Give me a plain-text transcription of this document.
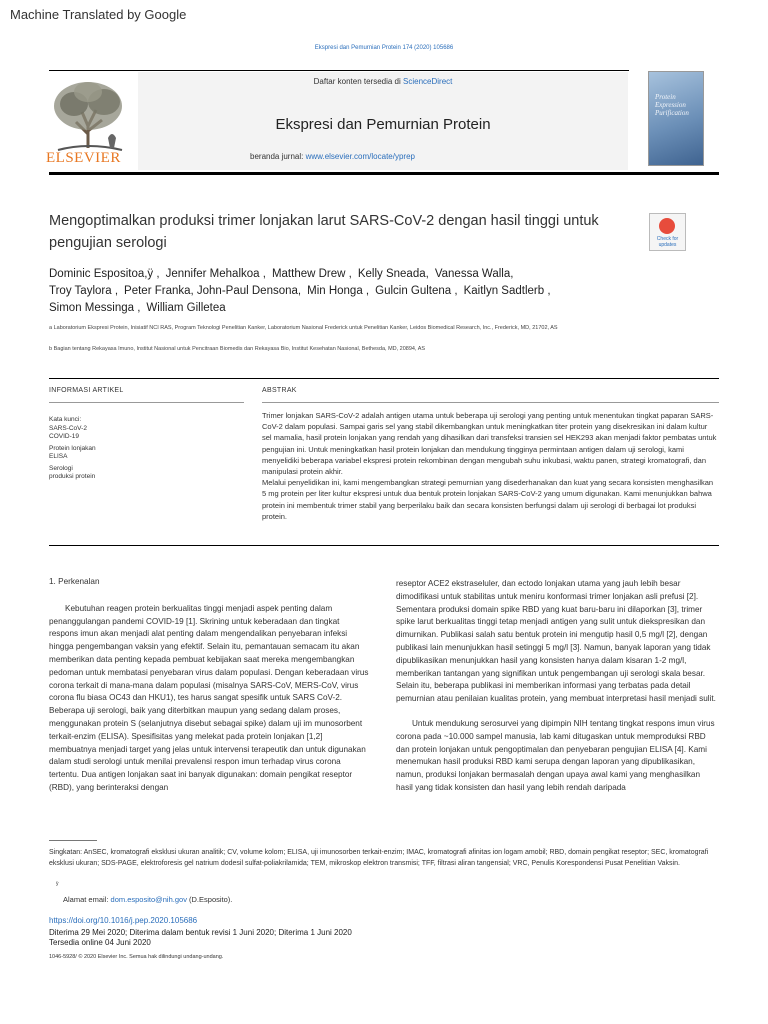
Machine Translated by Google
Ekspresi dan Pemurnian Protein 174 (2020) 105686
ELSEVIER
Daftar konten tersedia di ScienceDirect
Ekspresi dan Pemurnian Protein
beranda jurnal: www.elsevier.com/locate/yprep
Protein Expression Purification
Mengoptimalkan produksi trimer lonjakan larut SARS-CoV-2 dengan hasil tinggi untuk pengujian serologi	Check for updates
Dominic Espositoa,ÿ , Jennifer Mehalkoa , Matthew Drew , Kelly Sneada, Vanessa Walla,
Troy Taylora , Peter Franka, John-Paul Densona, Min Honga , Gulcin Gultena , Kaitlyn Sadtlerb ,
Simon Messinga , William Gilletea
a Laboratorium Ekspresi Protein, Inisiatif NCI RAS, Program Teknologi Penelitian Kanker, Laboratorium Nasional Frederick untuk Penelitian Kanker, Leidos Biomedical Research, Inc., Frederick, MD, 21702, AS
b Bagian tentang Rekayasa Imuno, Institut Nasional untuk Pencitraan Biomedis dan Rekayasa Bio, Institut Kesehatan Nasional, Bethesda, MD, 20894, AS
INFORMASI ARTIKEL
Kata kunci:
SARS-CoV-2
COVID-19
Protein lonjakan
ELISA
Serologi
produksi protein
ABSTRAK
Trimer lonjakan SARS-CoV-2 adalah antigen utama untuk beberapa uji serologi yang penting untuk menentukan tingkat paparan SARS-CoV-2 dalam populasi. Sampai garis sel yang stabil dikembangkan untuk meningkatkan titer protein yang disekresikan ini dalam kultur sel mamalia, hasil protein lonjakan yang rendah yang dihasilkan dari transfeksi transien sel HEK293 akan menjadi faktor pembatas untuk pengujian ini. Untuk meningkatkan hasil protein lonjakan dan mendukung tingginya permintaan antigen dalam uji serologi, kami menyelidiki beberapa variabel ekspresi protein rekombinan dengan mengubah suhu inkubasi, waktu panen, strategi kromatografi, dan manipulasi protein akhir.
Melalui penyelidikan ini, kami mengembangkan strategi pemurnian yang disederhanakan dan kuat yang secara konsisten menghasilkan 5 mg protein per liter kultur ekspresi untuk dua bentuk protein lonjakan SARS-CoV-2 yang umum digunakan. Kami menunjukkan bahwa protein ini membentuk trimer stabil yang berperilaku baik dan secara konsisten berfungsi dalam uji serologi di berbagai lot produksi protein.

1. Perkenalan

Kebutuhan reagen protein berkualitas tinggi menjadi aspek penting dalam penanggulangan pandemi COVID-19 [1]. Skrining untuk keberadaan dan tingkat respons imun akan menjadi alat penting dalam mengendalikan penyebaran infeksi hingga pengembangan vaksin yang efektif. Selain itu, pemantauan semacam itu akan memberikan data penting kepada pembuat kebijakan saat mereka mengembangkan pedoman untuk membatasi penyebaran virus dalam populasi. Dengan keberadaan virus corona terkait di mana-mana dalam populasi (misalnya SARS-CoV, MERS-CoV, virus corona flu biasa OC43 dan HKU1), tes harus sangat spesifik untuk SARS CoV-2. Beberapa uji serologi, baik yang diterbitkan maupun yang sedang dalam proses, menggunakan protein S (selanjutnya disebut sebagai spike) dalam uji im munosorbent terkait-enzim (ELISA). Spesifisitas yang melekat pada protein lonjakan [1,2] membuatnya menjadi target yang jelas untuk intervensi terapeutik dan untuk digunakan dalam studi serologi untuk menilai prevalensi respon imun terhadap virus corona tertentu. Dua antigen lonjakan saat ini banyak digunakan: domain pengikat reseptor (RBD), yang berinteraksi dengan

reseptor ACE2 ekstraseluler, dan ectodo lonjakan utama yang jauh lebih besar dimodifikasi untuk stabilitas untuk meniru konformasi trimer lonjakan asli prefusi [2]. Sementara produksi domain spike RBD yang kuat baru-baru ini dilaporkan [3], trimer spike larut berkualitas tinggi tetap menjadi antigen yang sulit untuk diekspresikan dan dimurnikan. Publikasi salah satu bentuk protein ini mengutip hasil 0,5 mg/l [2], dengan publikasi lain menunjukkan hasil setinggi 5 mg/l [3]. Namun, banyak laporan yang tidak dipublikasikan menunjukkan hasil yang konsisten hanya dalam kisaran 1-2 mg/l, memberikan tantangan yang signifikan untuk pengembangan uji serologi skala besar. Selain itu, beberapa publikasi ini memberikan informasi yang terbatas pada detail pemurnian atau penilaian kualitas protein, yang membuat interpretasi hasil menjadi sulit.

Untuk mendukung serosurvei yang dipimpin NIH tentang tingkat respons imun virus corona pada ~10.000 sampel manusia, lab kami ditugaskan untuk memproduksi RBD dan protein lonjakan untuk pengoptimalan dan penyebaran pengujian ELISA [4]. Kami menemukan hasil produksi RBD kami serupa dengan laporan yang dipublikasikan, namun, produksi lonjakan bermasalah dengan upaya awal kami yang menghasilkan hasil yang tidak konsisten dan hasil yang lebih rendah daripada

Singkatan: AnSEC, kromatografi eksklusi ukuran analitik; CV, volume kolom; ELISA, uji imunosorben terkait-enzim; IMAC, kromatografi afinitas ion logam amobil; RBD, domain pengikat reseptor; SEC, kromatografi eksklusi ukuran; SDS-PAGE, elektroforesis gel natrium dodesil sulfat-poliakrilamida; TEM, mikroskop elektron transmisi; TFF, filtrasi aliran tangensial; VRC, Penulis Korespondensi Pusat Penelitian Vaksin.
ÿ
Alamat email: dom.esposito@nih.gov (D.Esposito).
https://doi.org/10.1016/j.pep.2020.105686
Diterima 29 Mei 2020; Diterima dalam bentuk revisi 1 Juni 2020; Diterima 1 Juni 2020
Tersedia online 04 Juni 2020
1046-5928/ © 2020 Elsevier Inc. Semua hak dilindungi undang-undang.
